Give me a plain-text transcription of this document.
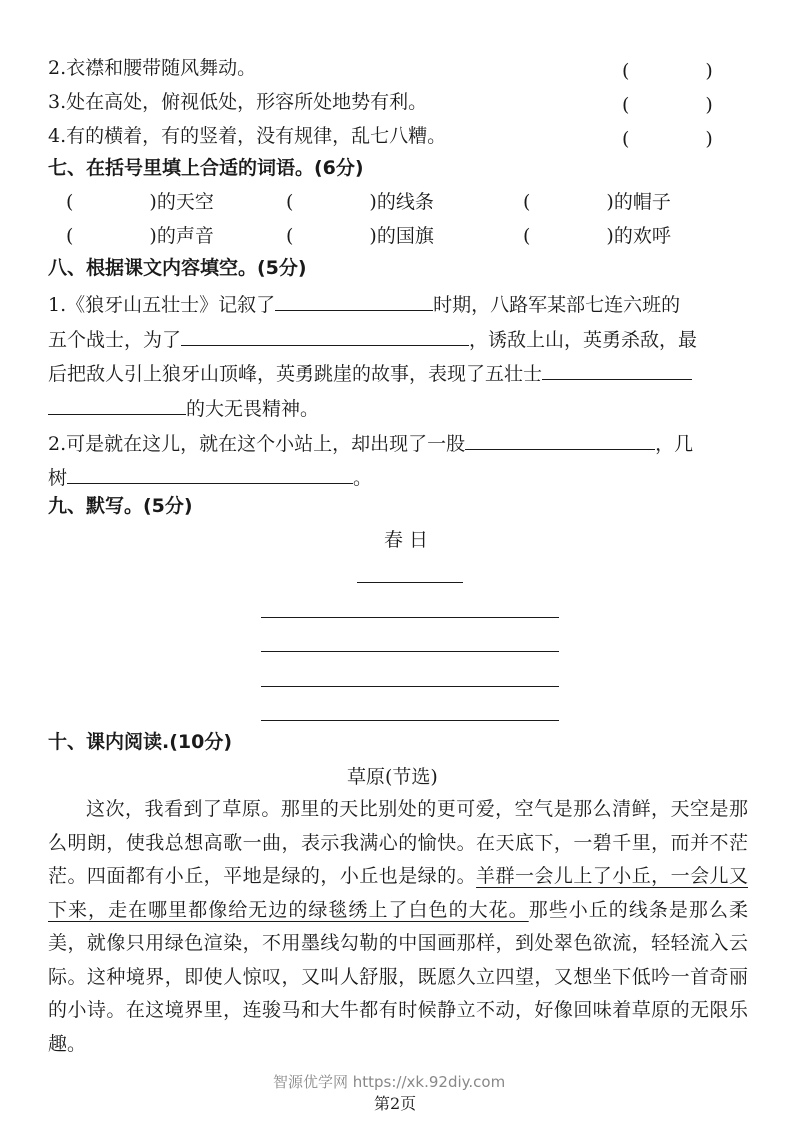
2.衣襟和腰带随风舞动。	(　　　　)
3.处在高处，俯视低处，形容所处地势有利。	(　　　　)
4.有的横着，有的竖着，没有规律，乱七八糟。	(　　　　)
七、在括号里填上合适的词语。(6分)
(　　　　)的天空	(　　　　)的线条	(　　　　)的帽子
(　　　　)的声音	(　　　　)的国旗	(　　　　)的欢呼
八、根据课文内容填空。(5分)
1.《狼牙山五壮士》记叙了	时期，八路军某部七连六班的
五个战士，为了	，诱敌上山，英勇杀敌，最
后把敌人引上狼牙山顶峰，英勇跳崖的故事，表现了五壮士
的大无畏精神。
2.可是就在这儿，就在这个小站上，却出现了一股	，几
树	。
九、默写。(5分)
春 日
十、课内阅读.(10分)
草原(节选)
这次，我看到了草原。那里的天比别处的更可爱，空气是那么清鲜，天空是那么明朗，使我总想高歌一曲，表示我满心的愉快。在天底下，一碧千里，而并不茫茫。四面都有小丘，平地是绿的，小丘也是绿的。羊群一会儿上了小丘，一会儿又下来，走在哪里都像给无边的绿毯绣上了白色的大花。那些小丘的线条是那么柔美，就像只用绿色渲染，不用墨线勾勒的中国画那样，到处翠色欲流，轻轻流入云际。这种境界，即使人惊叹，又叫人舒服，既愿久立四望，又想坐下低吟一首奇丽的小诗。在这境界里，连骏马和大牛都有时候静立不动，好像回味着草原的无限乐趣。
智源优学网 https://xk.92diy.com
第2页
